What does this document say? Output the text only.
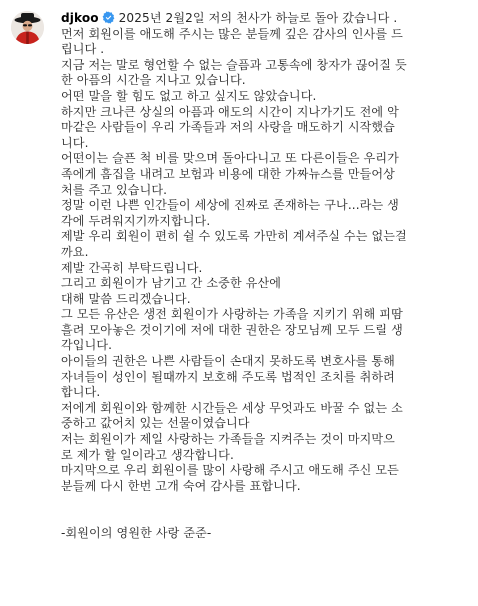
djkoo 2025년 2월2일 저의 천사가 하늘로 돌아 갔습니다 .
먼저 회원이를 애도해 주시는 많은 분들께 깊은 감사의 인사를 드
립니다 .
지금 저는 말로 형언할 수 없는 슬픔과 고통속에 창자가 끊어질 듯
한 아픔의 시간을 지나고 있습니다.
어떤 말을 할 힘도 없고 하고 싶지도 않았습니다.
하지만 크나큰 상실의 아픔과 애도의 시간이 지나가기도 전에 악
마같은 사람들이 우리 가족들과 저의 사랑을 매도하기 시작했습
니다.
어떤이는 슬픈 척 비를 맞으며 돌아다니고 또 다른이들은 우리가
족에게 흠집을 내려고 보험과 비용에 대한 가짜뉴스를 만들어상
처를 주고 있습니다.
정말 이런 나쁜 인간들이 세상에 진짜로 존재하는 구나...라는 생
각에 두려워지기까지합니다.
제발 우리 회원이 편히 쉴 수 있도록 가만히 계셔주실 수는 없는걸
까요.
제발 간곡히 부탁드립니다.
그리고 회원이가 남기고 간 소중한 유산에
대해 말씀 드리겠습니다.
그 모든 유산은 생전 회원이가 사랑하는 가족을 지키기 위해 피땀
흘려 모아놓은 것이기에 저에 대한 권한은 장모님께 모두 드릴 생
각입니다.
아이들의 권한은 나쁜 사람들이 손대지 못하도록 변호사를 통해
자녀들이 성인이 될때까지 보호해 주도록 법적인 조치를 취하려
합니다.
저에게 회원이와 함께한 시간들은 세상 무엇과도 바꿀 수 없는 소
중하고 값어치 있는 선물이였습니다
저는 회원이가 제일 사랑하는 가족들을 지켜주는 것이 마지막으
로 제가 할 일이라고 생각합니다.
마지막으로 우리 회원이를 많이 사랑해 주시고 애도해 주신 모든
분들께 다시 한번 고개 숙여 감사를 표합니다.
-회원이의 영원한 사랑 준준-
